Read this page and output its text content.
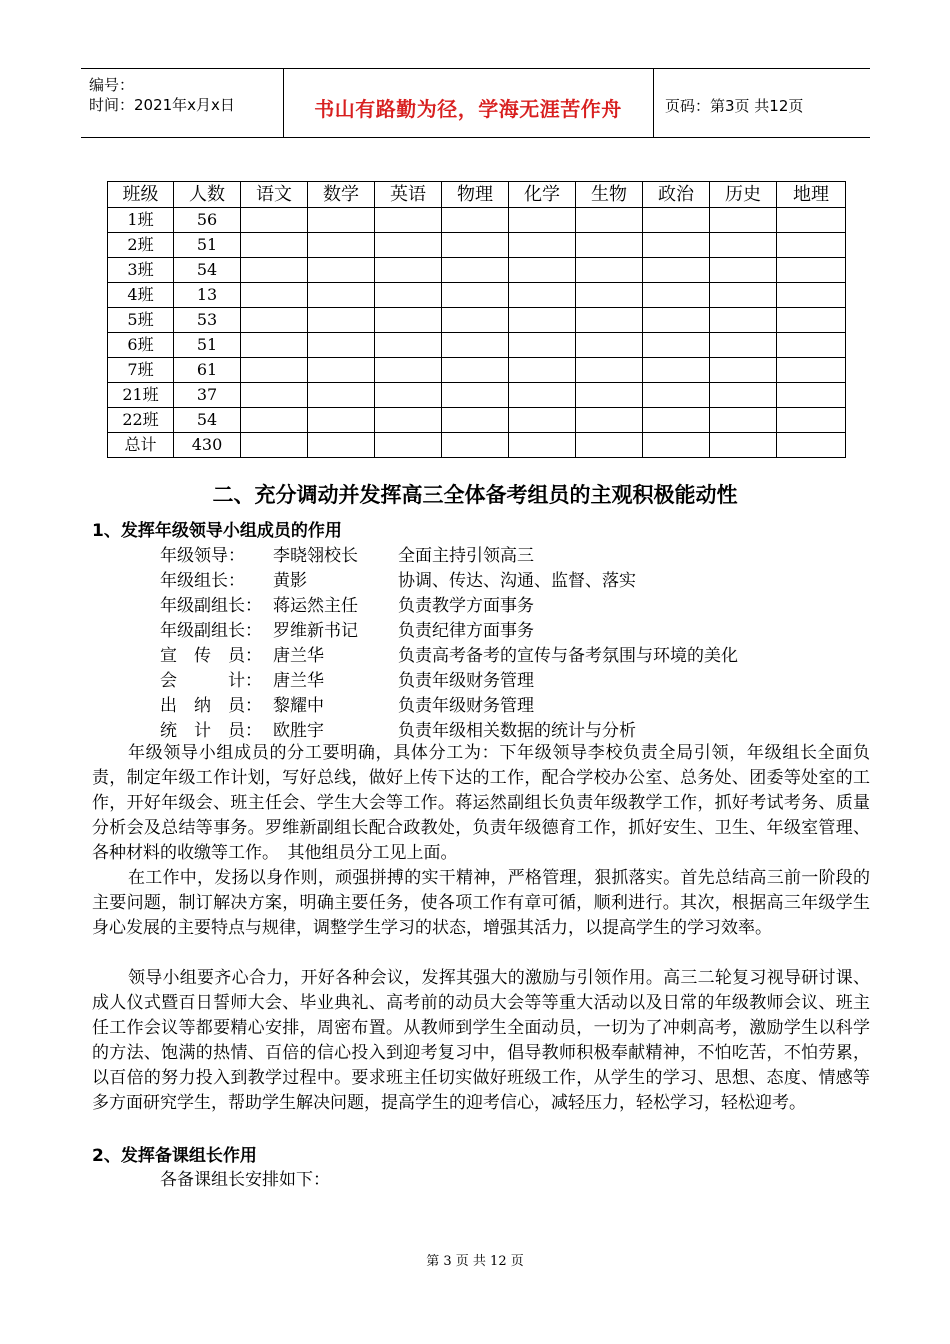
编号：
时间：2021年x月x日	书山有路勤为径，学海无涯苦作舟	页码：第3页 共12页
班级	人数	语文	数学	英语	物理	化学	生物	政治	历史	地理
1班	56									
2班	51									
3班	54									
4班	13									
5班	53									
6班	51									
7班	61									
21班	37									
22班	54									
总计	430									
二、充分调动并发挥高三全体备考组员的主观积极能动性
1、发挥年级领导小组成员的作用
年级领导： 李晓翎校长 全面主持引领高三
年级组长： 黄影	协调、传达、沟通、监督、落实
年级副组长： 蒋运然主任 负责教学方面事务
年级副组长： 罗维新书记 负责纪律方面事务
宣　传　员： 唐兰华	负责高考备考的宣传与备考氛围与环境的美化
会　　　计： 唐兰华	负责年级财务管理
出　纳　员： 黎耀中	负责年级财务管理
统　计　员： 欧胜宇	负责年级相关数据的统计与分析

年级领导小组成员的分工要明确，具体分工为：下年级领导李校负责全局引领，年级组长全面负责，制定年级工作计划，写好总线，做好上传下达的工作，配合学校办公室、总务处、团委等处室的工作，开好年级会、班主任会、学生大会等工作。蒋运然副组长负责年级教学工作，抓好考试考务、质量分析会及总结等事务。罗维新副组长配合政教处，负责年级德育工作，抓好安生、卫生、年级室管理、各种材料的收缴等工作。　其他组员分工见上面。

在工作中，发扬以身作则，顽强拼搏的实干精神，严格管理，狠抓落实。首先总结高三前一阶段的主要问题，制订解决方案，明确主要任务，使各项工作有章可循，顺利进行。其次，根据高三年级学生身心发展的主要特点与规律，调整学生学习的状态，增强其活力，以提高学生的学习效率。

领导小组要齐心合力，开好各种会议，发挥其强大的激励与引领作用。高三二轮复习视导研讨课、成人仪式暨百日誓师大会、毕业典礼、高考前的动员大会等等重大活动以及日常的年级教师会议、班主任工作会议等都要精心安排，周密布置。从教师到学生全面动员，一切为了冲刺高考，激励学生以科学的方法、饱满的热情、百倍的信心投入到迎考复习中，倡导教师积极奉献精神，不怕吃苦，不怕劳累，以百倍的努力投入到教学过程中。要求班主任切实做好班级工作，从学生的学习、思想、态度、情感等多方面研究学生，帮助学生解决问题，提高学生的迎考信心，减轻压力，轻松学习，轻松迎考。

2、发挥备课组长作用
各备课组长安排如下：
第 3 页 共 12 页
